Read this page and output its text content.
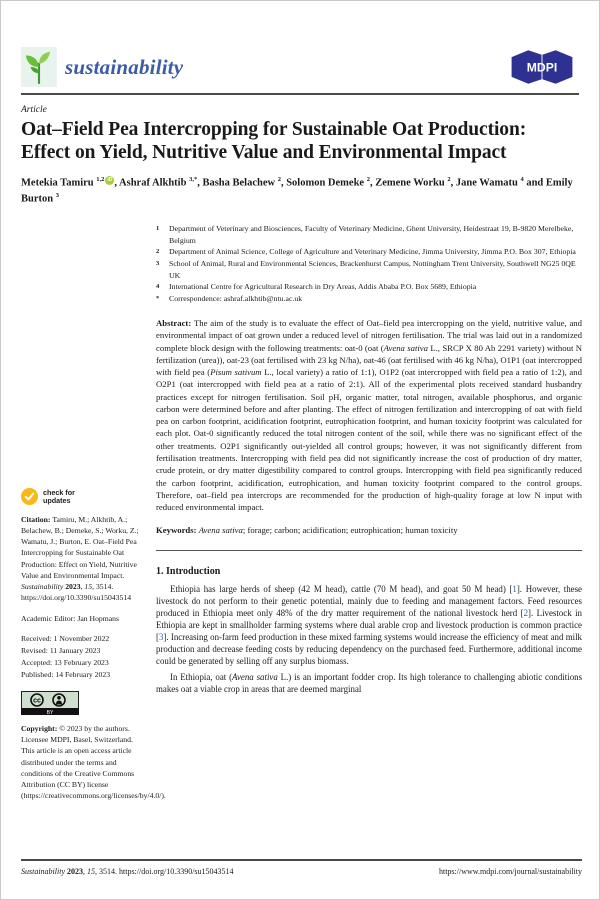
sustainability	MDPI
Article
Oat–Field Pea Intercropping for Sustainable Oat Production: Effect on Yield, Nutritive Value and Environmental Impact
Metekia Tamiru $^{1,2}$ iD , Ashraf Alkhtib $^{3,*}$, Basha Belachew $^2$, Solomon Demeke $^2$, Zemene Worku $^2$, Jane Wamatu $^4$ and Emily Burton $^3$
1	Department of Veterinary and Biosciences, Faculty of Veterinary Medicine, Ghent University, Heidestraat 19, B-9820 Merelbeke, Belgium
2	Department of Animal Science, College of Agriculture and Veterinary Medicine, Jimma University, Jimma P.O. Box 307, Ethiopia
3	School of Animal, Rural and Environmental Sciences, Brackenhurst Campus, Nottingham Trent University, Southwell NG25 0QE UK
4	International Centre for Agricultural Research in Dry Areas, Addis Ababa P.O. Box 5689, Ethiopia
*	Correspondence: ashraf.alkhtib@ntu.ac.uk
Abstract: The aim of the study is to evaluate the effect of Oat–field pea intercropping on the yield, nutritive value, and environmental impact of oat grown under a reduced level of nitrogen fertilisation. The trial was laid out in a randomized complete block design with the following treatments: oat-0 (oat (Avena sativa L., SRCP X 80 Ab 2291 variety) without N fertilization (urea)), oat-23 (oat fertilised with 23 kg N/ha), oat-46 (oat fertilised with 46 kg N/ha), O1P1 (oat intercropped with field pea (Pisum sativum L., local variety) a ratio of 1:1), O1P2 (oat intercropped with field pea a ratio of 1:2), and O2P1 (oat intercropped with field pea at a ratio of 2:1). All of the experimental plots received standard husbandry practices except for nitrogen fertilisation. Soil pH, organic matter, total nitrogen, available phosphorus, and organic carbon were determined before and after planting. The effect of nitrogen fertilization and intercropping of oat with field pea on carbon footprint, acidification footprint, eutrophication footprint, and human toxicity footprint was calculated for each plot. Oat-0 significantly reduced the total nitrogen content of the soil, while there was no significant effect of the other treatments. O2P1 significantly out-yielded all control groups; however, it was not significantly different from fertilisation treatments. Intercropping with field pea did not significantly increase the cost of production of dry matter, crude protein, or dry matter digestibility compared to control groups. Intercropping with field pea significantly reduced the carbon footprint, acidification, eutrophication, and human toxicity footprint compared to the control groups. Therefore, oat–field pea intercrops are recommended for the production of high-quality forage at low N input with reduced environmental impact.
Keywords: Avena sativa; forage; carbon; acidification; eutrophication; human toxicity
1. Introduction
Ethiopia has large herds of sheep (42 M head), cattle (70 M head), and goat 50 M head) [1]. However, these livestock do not perform to their genetic potential, mainly due to feeding and management factors. Feed resources produced in Ethiopia meet only 48% of the dry matter requirement of the national livestock herd [2]. Livestock in Ethiopia are kept in smallholder farming systems where dual arable crop and livestock production is common practice [3]. Increasing on-farm feed production in these mixed farming systems would increase the efficiency of meat and milk production and decrease feeding costs by reducing dependency on the purchased feed. Furthermore, additional income could be generated by selling off any surplus biomass.
In Ethiopia, oat (Avena sativa L.) is an important fodder crop. Its high tolerance to challenging abiotic conditions makes oat a viable crop in areas that are deemed marginal
check for
updates
Citation: Tamiru, M.; Alkhtib, A.; Belachew, B.; Demeke, S.; Worku, Z.; Wamatu, J.; Burton, E. Oat–Field Pea Intercropping for Sustainable Oat Production: Effect on Yield, Nutritive Value and Environmental Impact. Sustainability 2023, 15, 3514. https://doi.org/10.3390/su15043514
Academic Editor: Jan Hopmans
Received: 1 November 2022
Revised: 11 January 2023
Accepted: 13 February 2023
Published: 14 February 2023
cc
BY
Copyright: © 2023 by the authors. Licensee MDPI, Basel, Switzerland. This article is an open access article distributed under the terms and conditions of the Creative Commons Attribution (CC BY) license (https://creativecommons.org/licenses/by/4.0/).
Sustainability 2023, 15, 3514. https://doi.org/10.3390/su15043514	https://www.mdpi.com/journal/sustainability
